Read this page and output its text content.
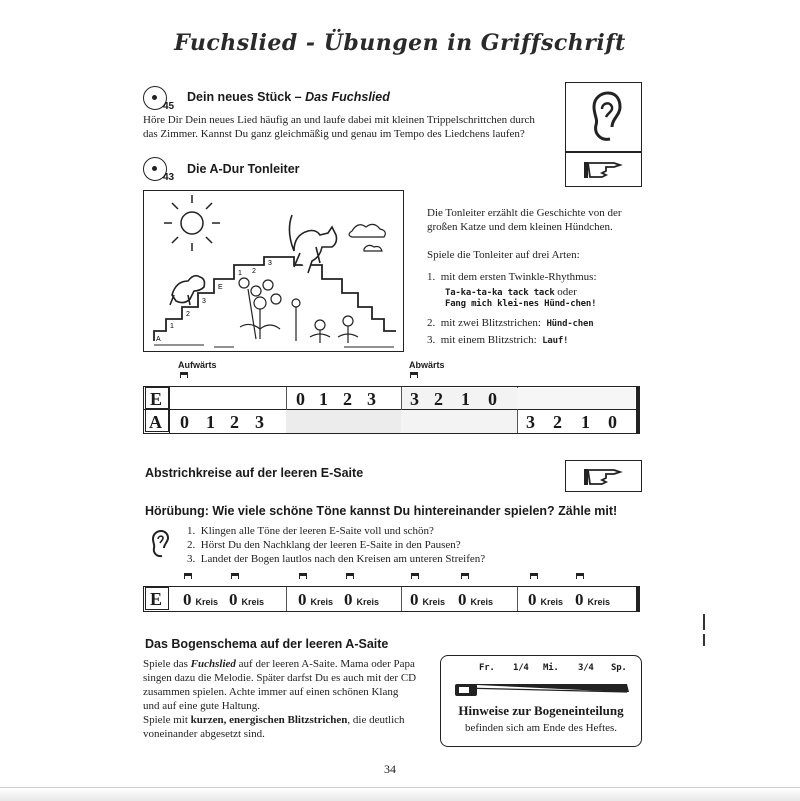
Fuchslied - Übungen in Griffschrift
45
Dein neues Stück – Das Fuchslied
Höre Dir Dein neues Lied häufig an und laufe dabei mit kleinen Trippelschrittchen durch
das Zimmer. Kannst Du ganz gleichmäßig und genau im Tempo des Liedchens laufen?
43
Die A-Dur Tonleiter
A
1
2
3
E
1 2
3
Die Tonleiter erzählt die Geschichte von der
großen Katze und dem kleinen Hündchen.
Spiele die Tonleiter auf drei Arten:
1. mit dem ersten Twinkle-Rhythmus:
Ta-ka-ta-ka tack tack oder
Fang mich klei-nes Hünd-chen!
2. mit zwei Blitzstrichen: Hünd-chen
3. mit einem Blitzstrich: Lauf!
Aufwärts	Abwärts
E
A
0 1 2 3 3 2 1 0
0 1 2 3	3 2 1 0
Abstrichkreise auf der leeren E-Saite
Hörübung: Wie viele schöne Töne kannst Du hintereinander spielen? Zähle mit!
1. Klingen alle Töne der leeren E-Saite voll und schön?
2. Hörst Du den Nachklang der leeren E-Saite in den Pausen?
3. Landet der Bogen lautlos nach den Kreisen am unteren Streifen?
E 0 Kreis 0 Kreis 0 Kreis 0 Kreis 0 Kreis 0 Kreis 0 Kreis 0 Kreis
Das Bogenschema auf der leeren A-Saite
Spiele das Fuchslied auf der leeren A-Saite. Mama oder Papa
singen dazu die Melodie. Später darfst Du es auch mit der CD
zusammen spielen. Achte immer auf einen schönen Klang
und auf eine gute Haltung.
Spiele mit kurzen, energischen Blitzstrichen, die deutlich
voneinander abgesetzt sind.
Fr. 1/4 Mi. 3/4 Sp.
Hinweise zur Bogeneinteilung
befinden sich am Ende des Heftes.
34
